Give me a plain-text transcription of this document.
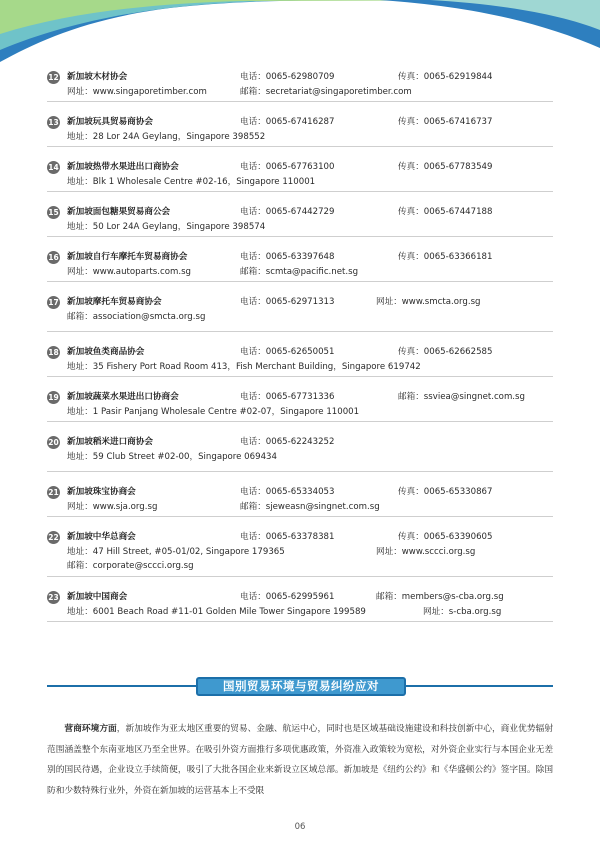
12 新加坡木材协会	电话：0065-62980709	传真：0065-62919844
网址：www.singaporetimber.com	邮箱：secretariat@singaporetimber.com
13 新加坡玩具贸易商协会	电话：0065-67416287	传真：0065-67416737
地址：28 Lor 24A Geylang，Singapore 398552
14 新加坡热带水果进出口商协会	电话：0065-67763100	传真：0065-67783549
地址：Blk 1 Wholesale Centre #02-16，Singapore 110001
15 新加坡面包糖果贸易商公会	电话：0065-67442729	传真：0065-67447188
地址：50 Lor 24A Geylang，Singapore 398574
16 新加坡自行车摩托车贸易商协会	电话：0065-63397648	传真：0065-63366181
网址：www.autoparts.com.sg	邮箱：scmta@pacific.net.sg
17 新加坡摩托车贸易商协会	电话：0065-62971313	网址：www.smcta.org.sg
邮箱：association@smcta.org.sg
18 新加坡鱼类商品协会	电话：0065-62650051	传真：0065-62662585
地址：35 Fishery Port Road Room 413，Fish Merchant Building，Singapore 619742
19 新加坡蔬菜水果进出口协商会	电话：0065-67731336	邮箱：ssviea@singnet.com.sg
地址：1 Pasir Panjang Wholesale Centre #02-07，Singapore 110001
20 新加坡稻米进口商协会	电话：0065-62243252
地址：59 Club Street #02-00，Singapore 069434
21 新加坡珠宝协商会	电话：0065-65334053	传真：0065-65330867
网址：www.sja.org.sg	邮箱：sjeweasn@singnet.com.sg
22 新加坡中华总商会	电话：0065-63378381	传真：0065-63390605
地址：47 Hill Street, #05-01/02, Singapore 179365	网址：www.sccci.org.sg
邮箱：corporate@sccci.org.sg
23 新加坡中国商会	电话：0065-62995961	邮箱：members@s-cba.org.sg
地址：6001 Beach Road #11-01 Golden Mile Tower Singapore 199589	网址：s-cba.org.sg
国别贸易环境与贸易纠纷应对
  营商环境方面，新加坡作为亚太地区重要的贸易、金融、航运中心，同时也是区域基础设施建设和科技创新中心，商业优势辐射范围涵盖整个东南亚地区乃至全世界。在吸引外资方面推行多项优惠政策，外资准入政策较为宽松，对外资企业实行与本国企业无差别的国民待遇，企业设立手续简便，吸引了大批各国企业来新设立区域总部。新加坡是《纽约公约》和《华盛顿公约》签字国。除国防和少数特殊行业外，外资在新加坡的运营基本上不受限
06
